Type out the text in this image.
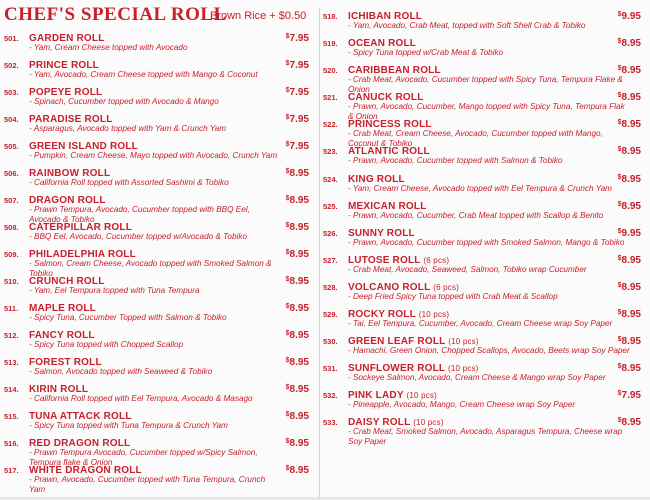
CHEF'S SPECIAL ROLL
Brown Rice + $0.50
501. GARDEN ROLL
- Yam, Cream Cheese topped with Avocado
$7.95
502. PRINCE ROLL
- Yam, Avocado, Cream Cheese topped with Mango & Coconut
$7.95
503. POPEYE ROLL
- Spinach, Cucumber topped with Avocado & Mango
$7.95
504. PARADISE ROLL
- Asparagus, Avocado topped with Yam & Crunch Yam
$7.95
505. GREEN ISLAND ROLL
- Pumpkin, Cream Cheese, Mayo topped with Avocado, Crunch Yam
$7.95
506. RAINBOW ROLL
- California Roll topped with Assorted Sashimi & Tobiko
$8.95
507. DRAGON ROLL
- Prawn Tempura, Avocado, Cucumber topped with BBQ Eel, Avocado & Tobiko
$8.95
508. CATERPILLAR ROLL
- BBQ Eel, Avocado, Cucumber topped w/Avocado & Tobiko
$8.95
509. PHILADELPHIA ROLL
- Salmon, Cream Cheese, Avocado topped with Smoked Salmon & Tobiko
$8.95
510. CRUNCH ROLL
- Yam, Eel Tempura topped with Tuna Tempura
$8.95
511. MAPLE ROLL
- Spicy Tuna, Cucumber Topped with Salmon & Tobiko
$8.95
512. FANCY ROLL
- Spicy Tuna topped with Chopped Scallop
$8.95
513. FOREST ROLL
- Salmon, Avocado topped with Seaweed & Tobiko
$8.95
514. KIRIN ROLL
- California Roll topped with Eel Tempura, Avocado & Masago
$8.95
515. TUNA ATTACK ROLL
- Spicy Tuna topped with Tuna Tempura & Crunch Yam
$8.95
516. RED DRAGON ROLL
- Prawn Tempura Avocado, Cucumber topped w/Spicy Salmon, Tempura flake & Onion
$8.95
517. WHITE DRAGON ROLL
- Prawn, Avocado, Cucumber topped with Tuna Tempura, Crunch Yam
$8.95
518. ICHIBAN ROLL
- Yam, Avocado, Crab Meat, topped with Soft Shell Crab & Tobiko
$9.95
519. OCEAN ROLL
- Spicy Tuna topped w/Crab Meat & Tobiko
$8.95
520. CARIBBEAN ROLL
- Crab Meat, Avocado, Cucumber topped with Spicy Tuna, Tempura Flake & Onion
$8.95
521. CANUCK ROLL
- Prawn, Avocado, Cucumber, Mango topped with Spicy Tuna, Tempura Flak & Onion
$8.95
522. PRINCESS ROLL
- Crab Meat, Cream Cheese, Avocado, Cucumber topped with Mango, Coconut & Tobiko
$8.95
523. ATLANTIC ROLL
- Prawn, Avocado, Cucumber topped with Salmon & Tobiko
$8.95
524. KING ROLL
- Yam, Cream Cheese, Avocado topped with Eel Tempura & Crunch Yam
$8.95
525. MEXICAN ROLL
- Prawn, Avocado, Cucumber, Crab Meat topped with Scallop & Benito
$8.95
526. SUNNY ROLL
- Prawn, Avocado, Cucumber topped with Smoked Salmon, Mango & Tobiko
$9.95
527. LUTOSE ROLL (6 pcs)
- Crab Meat, Avocado, Seaweed, Salmon, Tobiko wrap Cucumber
$8.95
528. VOLCANO ROLL (6 pcs)
- Deep Fried Spicy Tuna topped with Crab Meat & Scallop
$8.95
529. ROCKY ROLL (10 pcs)
- Tai, Eel Tempura, Cucumber, Avocado, Cream Cheese wrap Soy Paper
$8.95
530. GREEN LEAF ROLL (10 pcs)
- Hamachi, Green Onion, Chopped Scallops, Avocado, Beets wrap Soy Paper
$8.95
531. SUNFLOWER ROLL (10 pcs)
- Sockeye Salmon, Avocado, Cream Cheese & Mango wrap Soy Paper
$8.95
532. PINK LADY (10 pcs)
- Pineapple, Avocado, Mango, Cream Cheese wrap Soy Paper
$7.95
533. DAISY ROLL (10 pcs)
- Crab Meat, Smoked Salmon, Avocado, Asparagus Tempura, Cheese wrap Soy Paper
$8.95
